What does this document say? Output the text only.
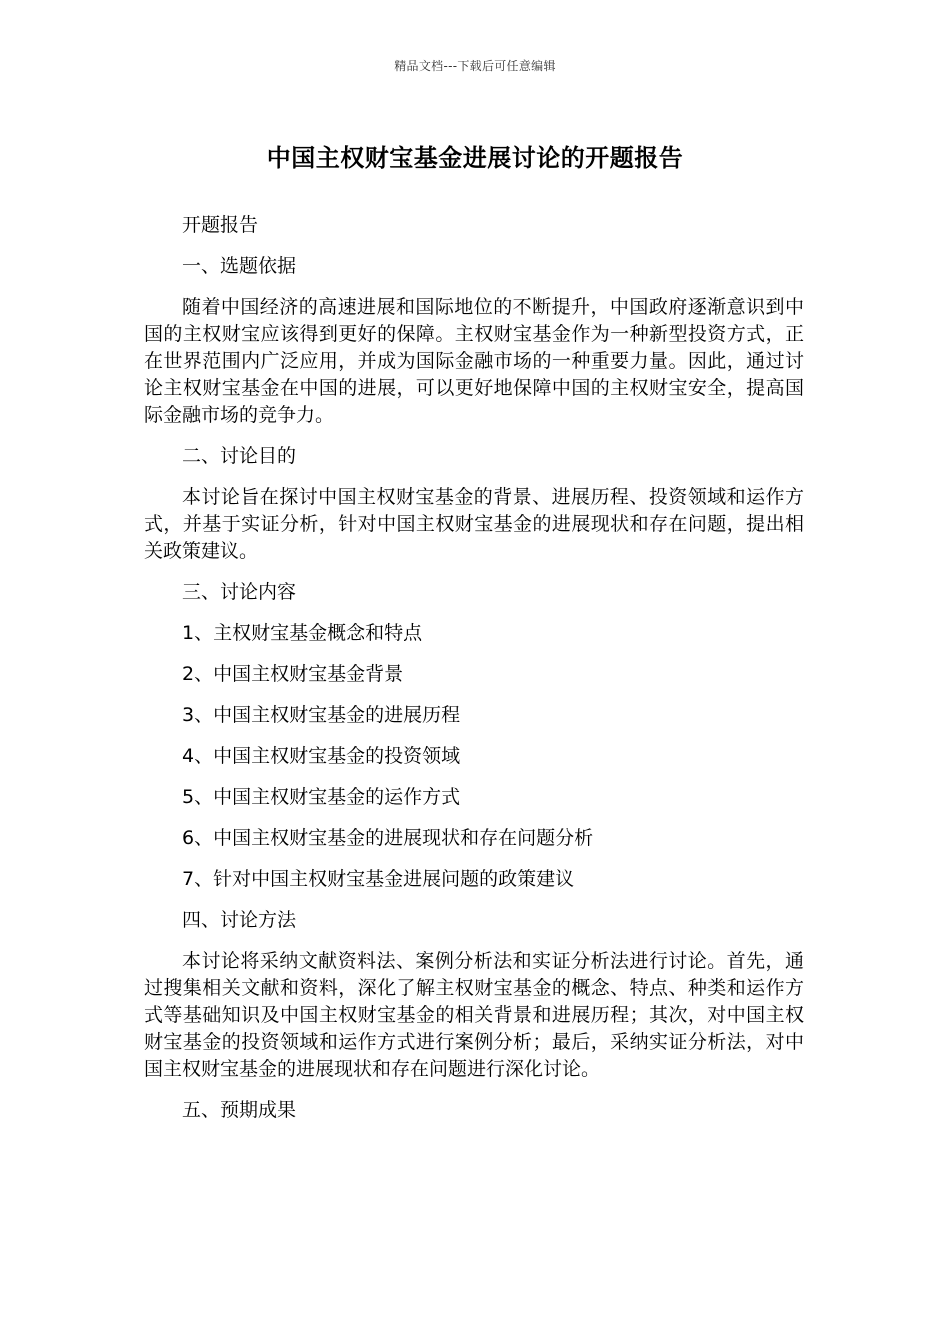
精品文档---下载后可任意编辑
中国主权财宝基金进展讨论的开题报告

开题报告

一、选题依据

随着中国经济的高速进展和国际地位的不断提升，中国政府逐渐意识到中国的主权财宝应该得到更好的保障。主权财宝基金作为一种新型投资方式，正在世界范围内广泛应用，并成为国际金融市场的一种重要力量。因此，通过讨论主权财宝基金在中国的进展，可以更好地保障中国的主权财宝安全，提高国际金融市场的竞争力。

二、讨论目的

本讨论旨在探讨中国主权财宝基金的背景、进展历程、投资领域和运作方式，并基于实证分析，针对中国主权财宝基金的进展现状和存在问题，提出相关政策建议。

三、讨论内容

1、主权财宝基金概念和特点

2、中国主权财宝基金背景

3、中国主权财宝基金的进展历程

4、中国主权财宝基金的投资领域

5、中国主权财宝基金的运作方式

6、中国主权财宝基金的进展现状和存在问题分析

7、针对中国主权财宝基金进展问题的政策建议

四、讨论方法

本讨论将采纳文献资料法、案例分析法和实证分析法进行讨论。首先，通过搜集相关文献和资料，深化了解主权财宝基金的概念、特点、种类和运作方式等基础知识及中国主权财宝基金的相关背景和进展历程；其次，对中国主权财宝基金的投资领域和运作方式进行案例分析；最后，采纳实证分析法，对中国主权财宝基金的进展现状和存在问题进行深化讨论。

五、预期成果
